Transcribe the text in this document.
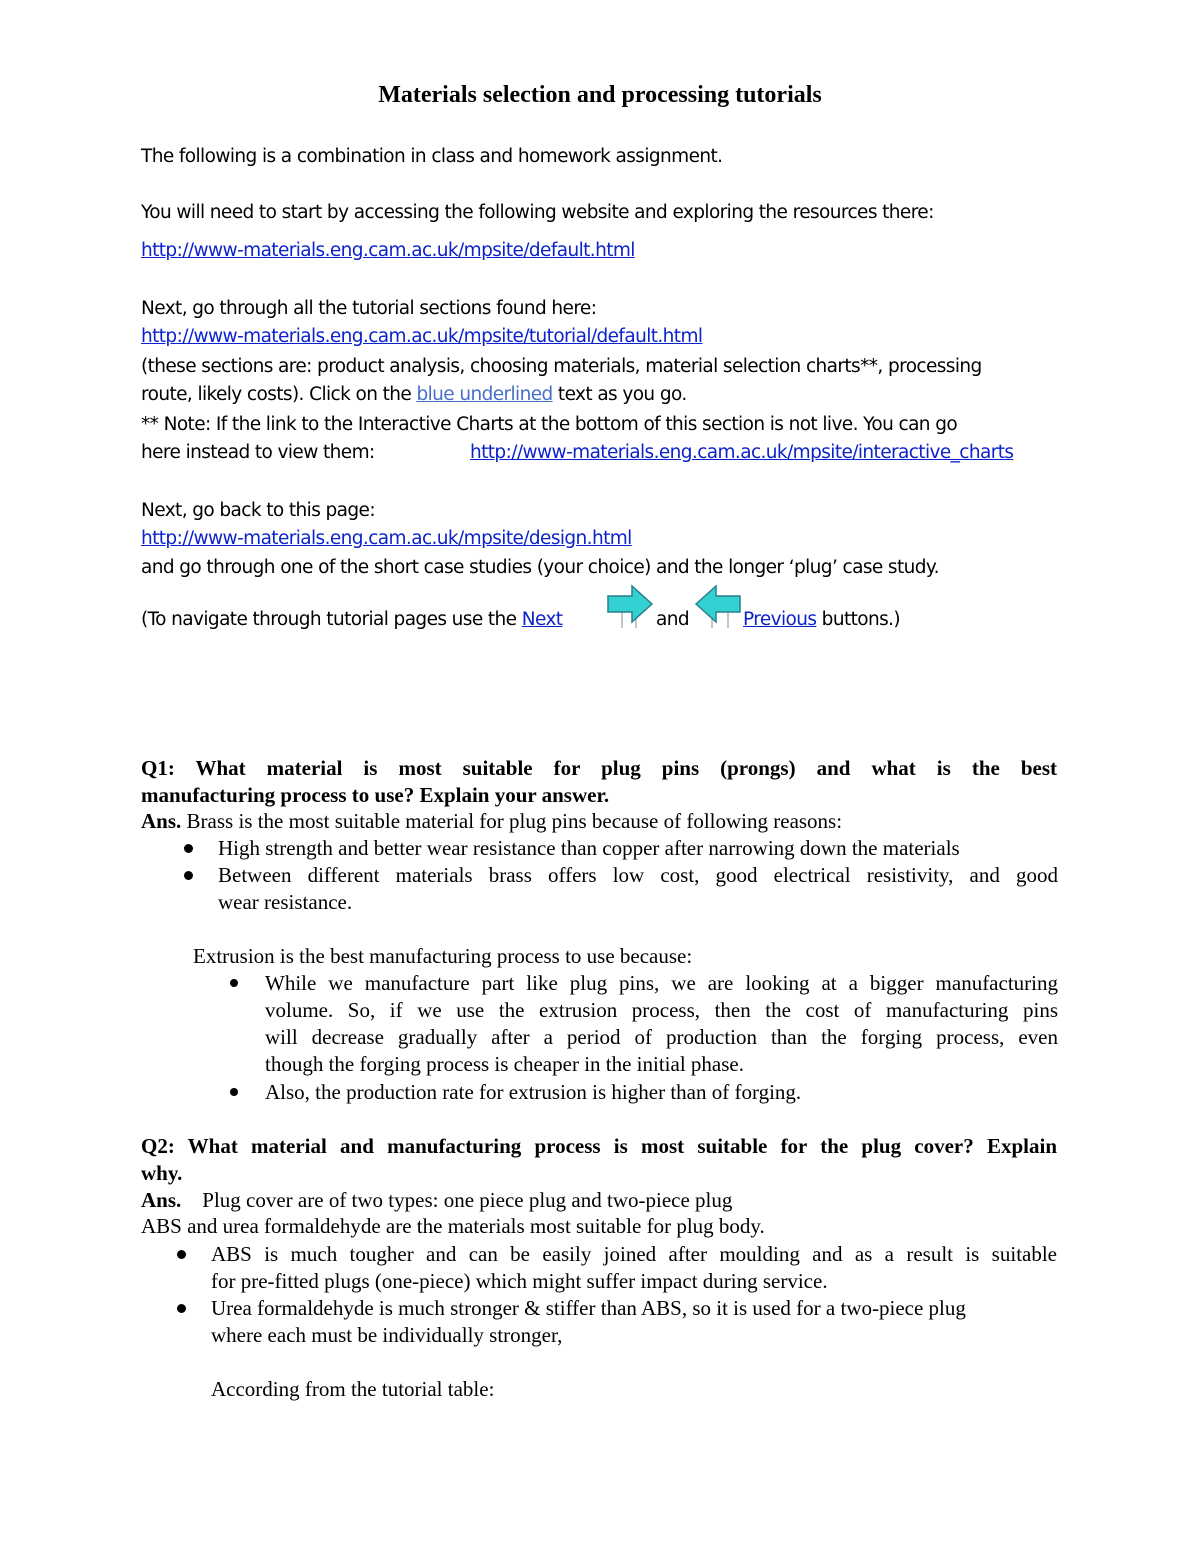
Materials selection and processing tutorials
The following is a combination in class and homework assignment.
You will need to start by accessing the following website and exploring the resources there:
http://www-materials.eng.cam.ac.uk/mpsite/default.html
Next, go through all the tutorial sections found here:
http://www-materials.eng.cam.ac.uk/mpsite/tutorial/default.html
(these sections are: product analysis, choosing materials, material selection charts**, processing
route, likely costs). Click on the blue underlined text as you go.
** Note: If the link to the Interactive Charts at the bottom of this section is not live. You can go
here instead to view them:	http://www-materials.eng.cam.ac.uk/mpsite/interactive_charts
Next, go back to this page:
http://www-materials.eng.cam.ac.uk/mpsite/design.html
and go through one of the short case studies (your choice) and the longer ‘plug’ case study.
(To navigate through tutorial pages use the Next	and	Previous buttons.)
Q1: What material is most suitable for plug pins (prongs) and what is the best
manufacturing process to use? Explain your answer.
Ans. Brass is the most suitable material for plug pins because of following reasons:
High strength and better wear resistance than copper after narrowing down the materials
Between different materials brass offers low cost, good electrical resistivity, and good
wear resistance.
Extrusion is the best manufacturing process to use because:
While we manufacture part like plug pins, we are looking at a bigger manufacturing
volume. So, if we use the extrusion process, then the cost of manufacturing pins
will decrease gradually after a period of production than the forging process, even
though the forging process is cheaper in the initial phase.
Also, the production rate for extrusion is higher than of forging.
Q2: What material and manufacturing process is most suitable for the plug cover? Explain
why.
Ans.    Plug cover are of two types: one piece plug and two-piece plug
ABS and urea formaldehyde are the materials most suitable for plug body.
ABS is much tougher and can be easily joined after moulding and as a result is suitable
for pre-fitted plugs (one-piece) which might suffer impact during service.
Urea formaldehyde is much stronger & stiffer than ABS, so it is used for a two-piece plug
where each must be individually stronger,
According from the tutorial table:
